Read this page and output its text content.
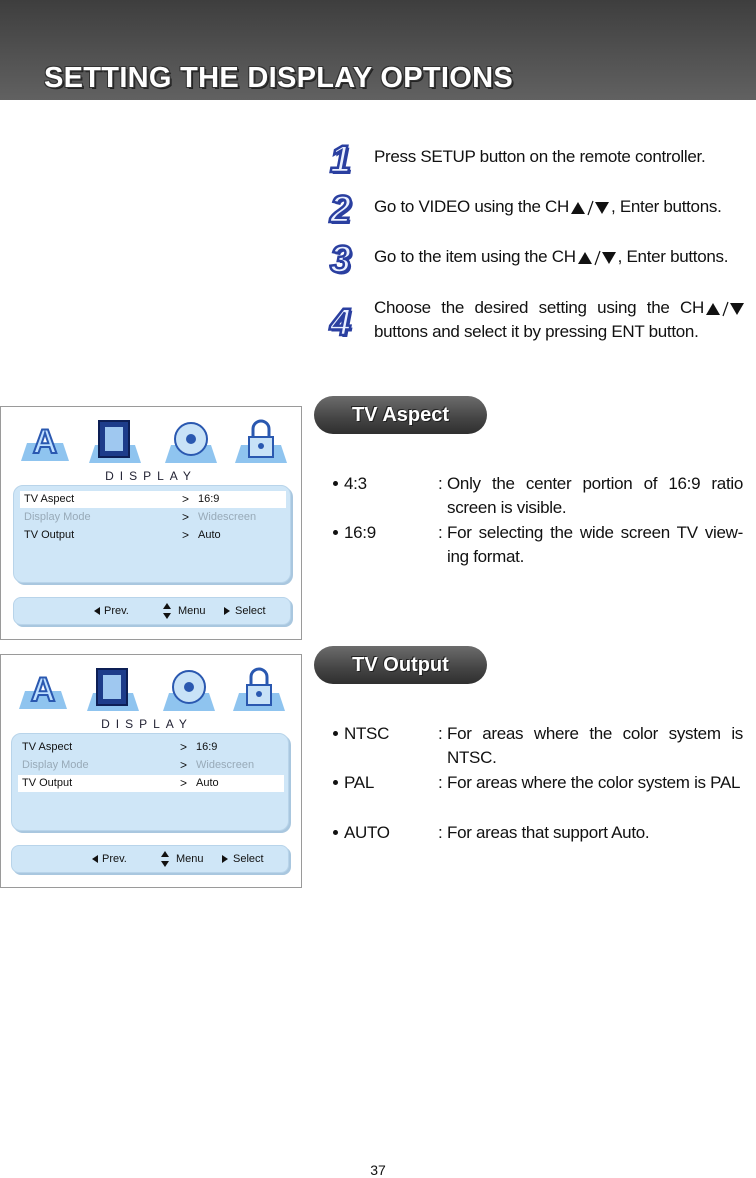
SETTING THE DISPLAY OPTIONS
1 Press SETUP button on the remote controller.
2 Go to VIDEO using the CH , Enter buttons.
3 Go to the item using the CH , Enter buttons.
4 Choose the desired setting using the CH buttons and select it by pressing ENT button.
TV Aspect
4:3	: Only the center portion of 16:9 ratio screen is visible.
16:9	: For selecting the wide screen TV view-ing format.
TV Output
NTSC	: For areas where the color system is NTSC.
PAL	: For areas where the color system is PAL
AUTO	: For areas that support Auto.
A
DISPLAY
TV Aspect	> 16:9
Display Mode	> Widescreen
TV Output	> Auto
Prev.	Menu	Select
A
DISPLAY
TV Aspect	> 16:9
Display Mode	> Widescreen
TV Output	> Auto
Prev.	Menu	Select
37
